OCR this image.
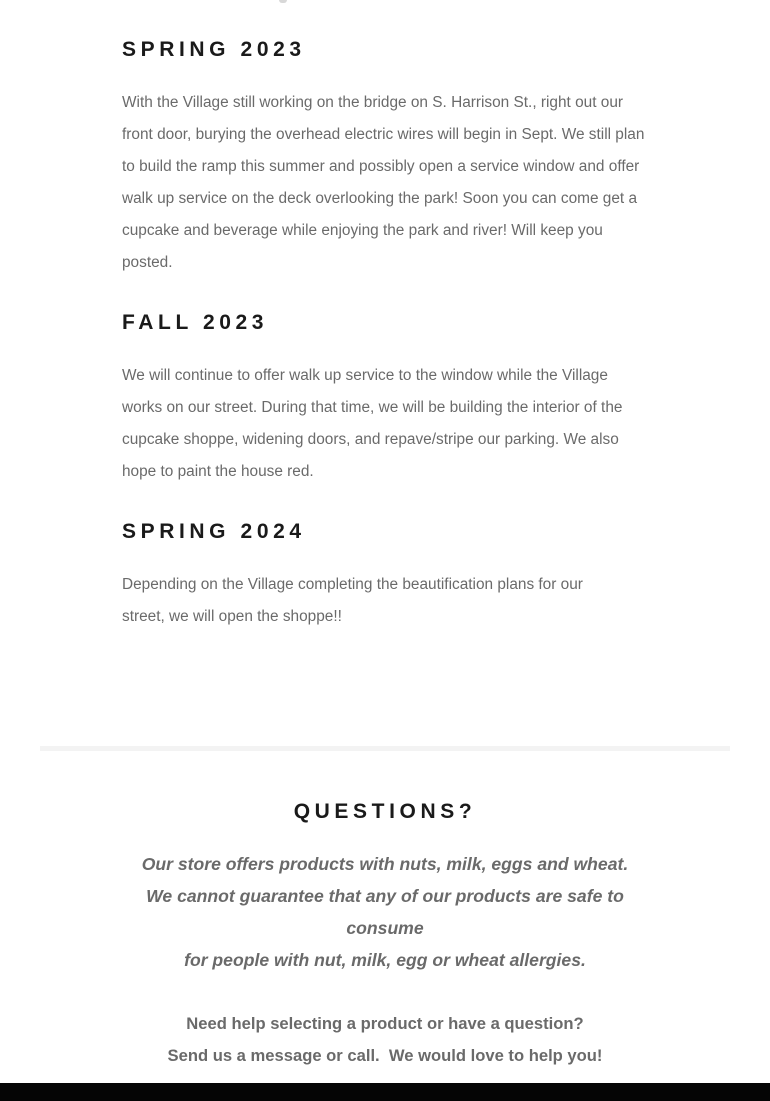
SPRING 2023

With the Village still working on the bridge on S. Harrison St., right out our front door, burying the overhead electric wires will begin in Sept. We still plan to build the ramp this summer and possibly open a service window and offer walk up service on the deck overlooking the park! Soon you can come get a cupcake and beverage while enjoying the park and river! Will keep you posted.

FALL 2023

We will continue to offer walk up service to the window while the Village works on our street. During that time, we will be building the interior of the cupcake shoppe, widening doors, and repave/stripe our parking. We also hope to paint the house red.

SPRING 2024

Depending on the Village completing the beautification plans for our street, we will open the shoppe!!

QUESTIONS?

Our store offers products with nuts, milk, eggs and wheat.
We cannot guarantee that any of our products are safe to consume
for people with nut, milk, egg or wheat allergies.

Need help selecting a product or have a question?
Send us a message or call.  We would love to help you!
